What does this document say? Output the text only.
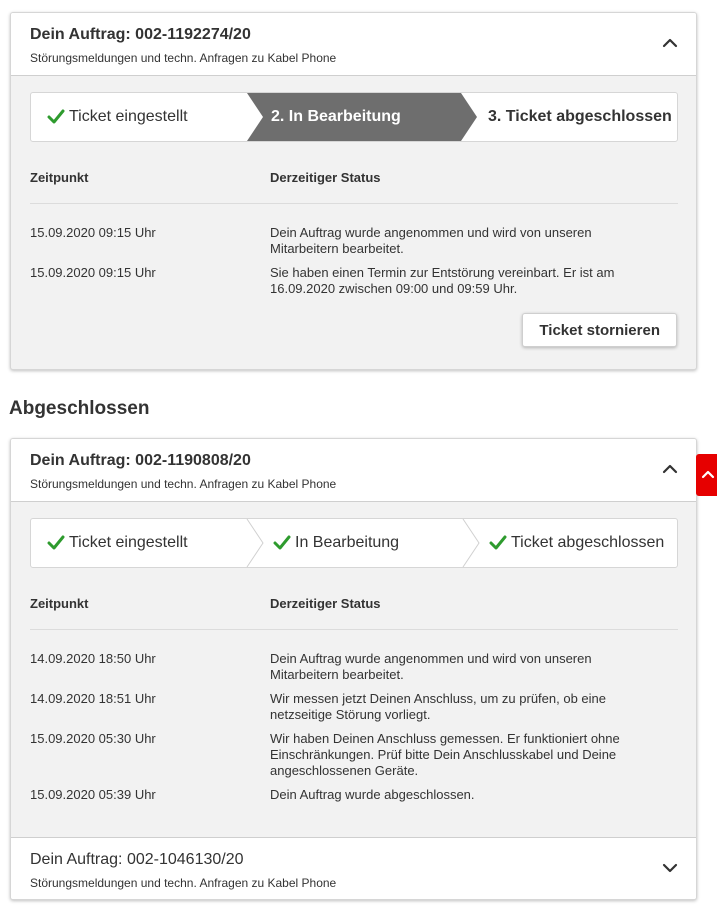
Dein Auftrag: 002-1192274/20
Störungsmeldungen und techn. Anfragen zu Kabel Phone
Ticket eingestellt	2. In Bearbeitung	3. Ticket abgeschlossen
Zeitpunkt	Derzeitiger Status
15.09.2020 09:15 Uhr	Dein Auftrag wurde angenommen und wird von unseren Mitarbeitern bearbeitet.
15.09.2020 09:15 Uhr	Sie haben einen Termin zur Entstörung vereinbart. Er ist am 16.09.2020 zwischen 09:00 und 09:59 Uhr.
Ticket stornieren
Abgeschlossen
Dein Auftrag: 002-1190808/20
Störungsmeldungen und techn. Anfragen zu Kabel Phone
Ticket eingestellt	In Bearbeitung	Ticket abgeschlossen
Zeitpunkt	Derzeitiger Status
14.09.2020 18:50 Uhr	Dein Auftrag wurde angenommen und wird von unseren Mitarbeitern bearbeitet.
14.09.2020 18:51 Uhr	Wir messen jetzt Deinen Anschluss, um zu prüfen, ob eine netzseitige Störung vorliegt.
15.09.2020 05:30 Uhr	Wir haben Deinen Anschluss gemessen. Er funktioniert ohne Einschränkungen. Prüf bitte Dein Anschlusskabel und Deine angeschlossenen Geräte.
15.09.2020 05:39 Uhr	Dein Auftrag wurde abgeschlossen.
Dein Auftrag: 002-1046130/20
Störungsmeldungen und techn. Anfragen zu Kabel Phone
